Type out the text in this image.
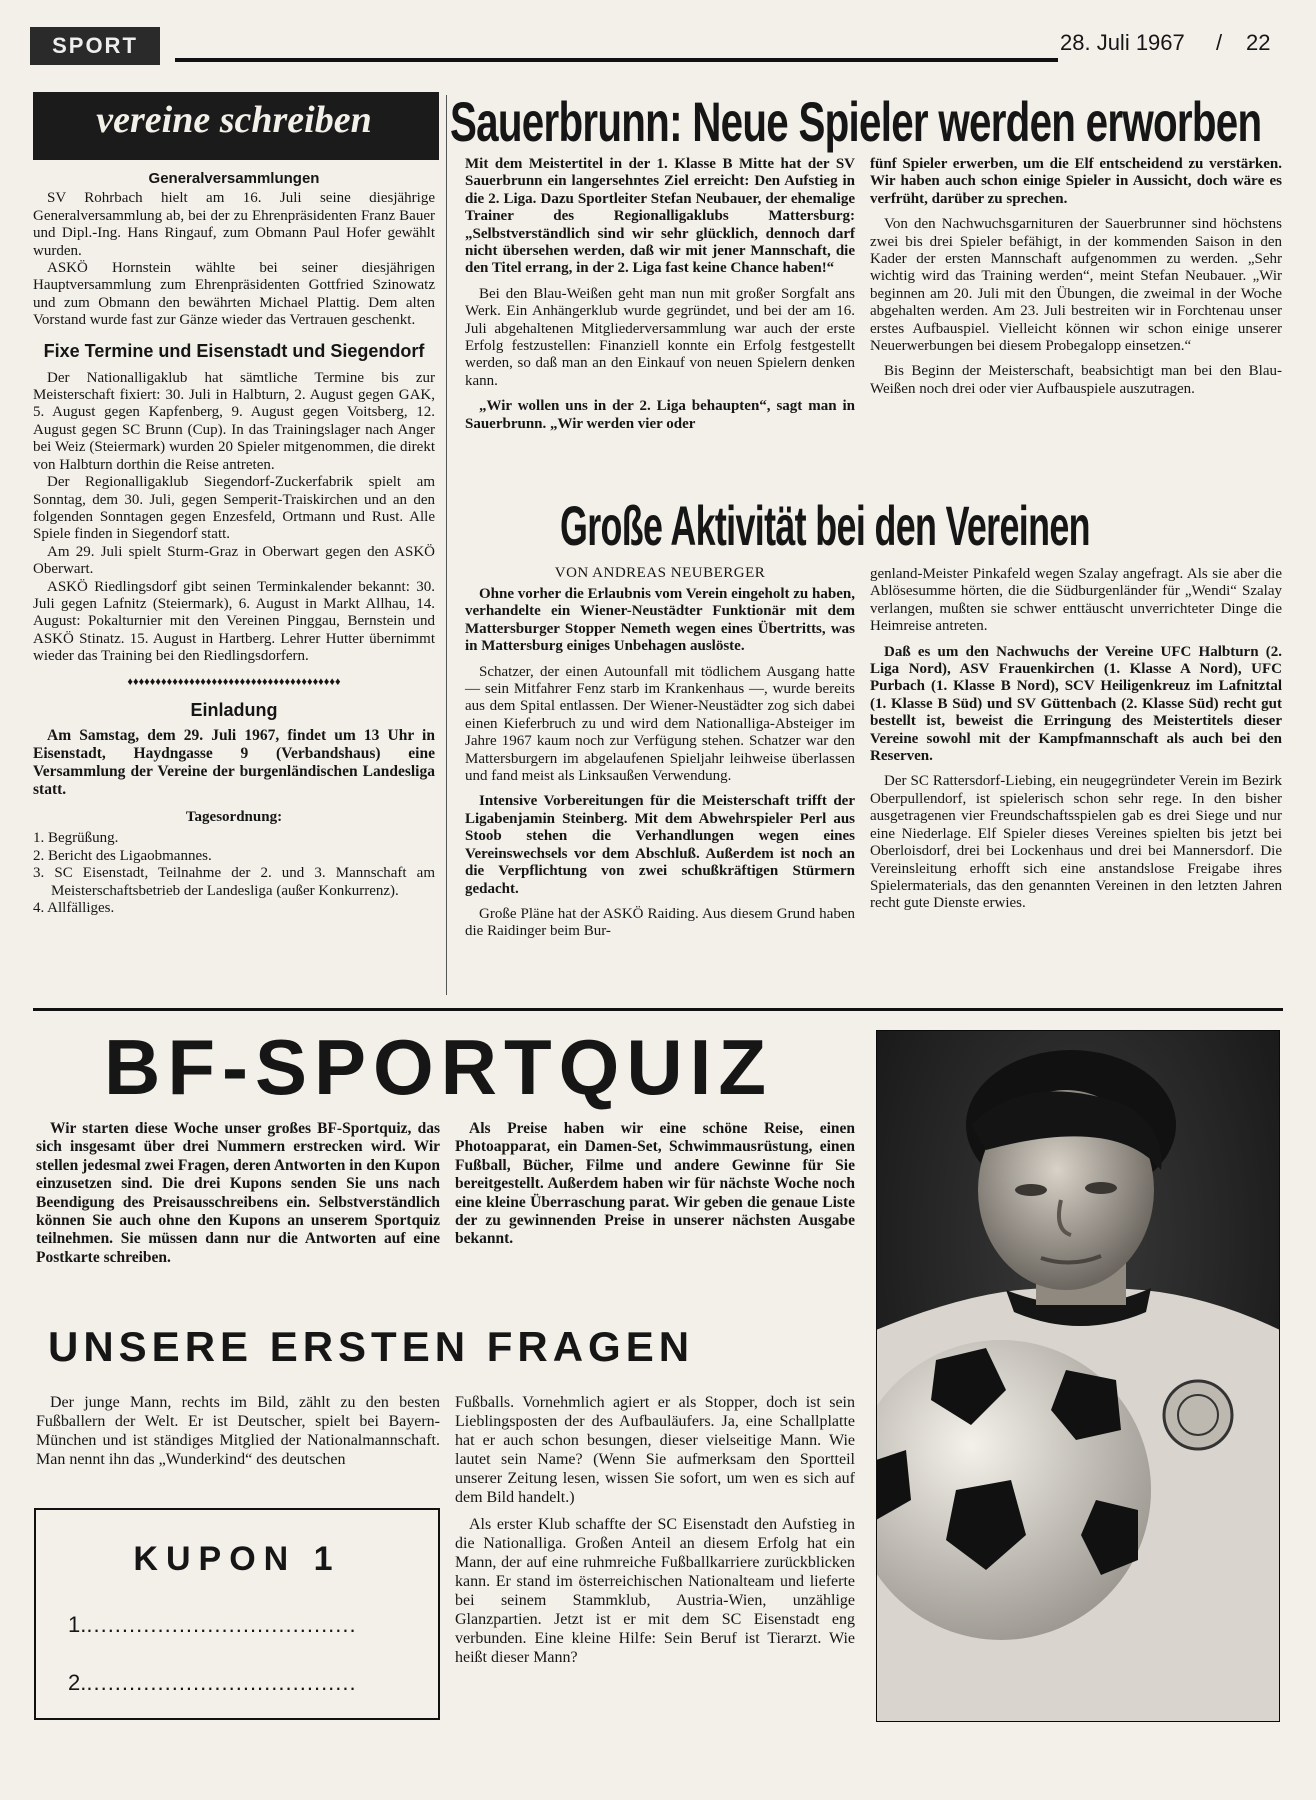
SPORT	28. Juli 1967 / 22
vereine schreiben
Generalversammlungen

SV Rohrbach hielt am 16. Juli seine diesjährige Generalversammlung ab, bei der zu Ehrenpräsidenten Franz Bauer und Dipl.-Ing. Hans Ringauf, zum Obmann Paul Hofer gewählt wurden.

ASKÖ Hornstein wählte bei seiner diesjährigen Hauptversammlung zum Ehrenpräsidenten Gottfried Szinowatz und zum Obmann den bewährten Michael Plattig. Dem alten Vorstand wurde fast zur Gänze wieder das Vertrauen geschenkt.

Fixe Termine und Eisenstadt und Siegendorf

Der Nationalligaklub hat sämtliche Termine bis zur Meisterschaft fixiert: 30. Juli in Halbturn, 2. August gegen GAK, 5. August gegen Kapfenberg, 9. August gegen Voitsberg, 12. August gegen SC Brunn (Cup). In das Trainingslager nach Anger bei Weiz (Steiermark) wurden 20 Spieler mitgenommen, die direkt von Halbturn dorthin die Reise antreten.

Der Regionalligaklub Siegendorf-Zuckerfabrik spielt am Sonntag, dem 30. Juli, gegen Semperit-Traiskirchen und an den folgenden Sonntagen gegen Enzesfeld, Ortmann und Rust. Alle Spiele finden in Siegendorf statt.

Am 29. Juli spielt Sturm-Graz in Oberwart gegen den ASKÖ Oberwart.

ASKÖ Riedlingsdorf gibt seinen Terminkalender bekannt: 30. Juli gegen Lafnitz (Steiermark), 6. August in Markt Allhau, 14. August: Pokalturnier mit den Vereinen Pinggau, Bernstein und ASKÖ Stinatz. 15. August in Hartberg. Lehrer Hutter übernimmt wieder das Training bei den Riedlingsdorfern.

♦♦♦♦♦♦♦♦♦♦♦♦♦♦♦♦♦♦♦♦♦♦♦♦♦♦♦♦♦♦♦♦♦♦♦♦♦♦
Einladung

Am Samstag, dem 29. Juli 1967, findet um 13 Uhr in Eisenstadt, Haydngasse 9 (Verbandshaus) eine Versammlung der Vereine der burgenländischen Landesliga statt.

Tagesordnung:
1. Begrüßung.
2. Bericht des Ligaobmannes.
3. SC Eisenstadt, Teilnahme der 2. und 3. Mannschaft am Meisterschaftsbetrieb der Landesliga (außer Konkurrenz).
4. Allfälliges.
Sauerbrunn: Neue Spieler werden erworben

Mit dem Meistertitel in der 1. Klasse B Mitte hat der SV Sauerbrunn ein langersehntes Ziel erreicht: Den Aufstieg in die 2. Liga. Dazu Sportleiter Stefan Neubauer, der ehemalige Trainer des Regionalligaklubs Mattersburg: „Selbstverständlich sind wir sehr glücklich, dennoch darf nicht übersehen werden, daß wir mit jener Mannschaft, die den Titel errang, in der 2. Liga fast keine Chance haben!“

Bei den Blau-Weißen geht man nun mit großer Sorgfalt ans Werk. Ein Anhängerklub wurde gegründet, und bei der am 16. Juli abgehaltenen Mitgliederversammlung war auch der erste Erfolg festzustellen: Finanziell konnte ein Erfolg festgestellt werden, so daß man an den Einkauf von neuen Spielern denken kann.

„Wir wollen uns in der 2. Liga behaupten“, sagt man in Sauerbrunn. „Wir werden vier oder

fünf Spieler erwerben, um die Elf entscheidend zu verstärken. Wir haben auch schon einige Spieler in Aussicht, doch wäre es verfrüht, darüber zu sprechen.

Von den Nachwuchsgarnituren der Sauerbrunner sind höchstens zwei bis drei Spieler befähigt, in der kommenden Saison in den Kader der ersten Mannschaft aufgenommen zu werden. „Sehr wichtig wird das Training werden“, meint Stefan Neubauer. „Wir beginnen am 20. Juli mit den Übungen, die zweimal in der Woche abgehalten werden. Am 23. Juli bestreiten wir in Forchtenau unser erstes Aufbauspiel. Vielleicht können wir schon einige unserer Neuerwerbungen bei diesem Probegalopp einsetzen.“

Bis Beginn der Meisterschaft, beabsichtigt man bei den Blau-Weißen noch drei oder vier Aufbauspiele auszutragen.

Große Aktivität bei den Vereinen
VON ANDREAS NEUBERGER

Ohne vorher die Erlaubnis vom Verein eingeholt zu haben, verhandelte ein Wiener-Neustädter Funktionär mit dem Mattersburger Stopper Nemeth wegen eines Übertritts, was in Mattersburg einiges Unbehagen auslöste.

Schatzer, der einen Autounfall mit tödlichem Ausgang hatte — sein Mitfahrer Fenz starb im Krankenhaus —, wurde bereits aus dem Spital entlassen. Der Wiener-Neustädter zog sich dabei einen Kieferbruch zu und wird dem Nationalliga-Absteiger im Jahre 1967 kaum noch zur Verfügung stehen. Schatzer war den Mattersburgern im abgelaufenen Spieljahr leihweise überlassen und fand meist als Linksaußen Verwendung.

Intensive Vorbereitungen für die Meisterschaft trifft der Ligabenjamin Steinberg. Mit dem Abwehrspieler Perl aus Stoob stehen die Verhandlungen wegen eines Vereinswechsels vor dem Abschluß. Außerdem ist noch an die Verpflichtung von zwei schußkräftigen Stürmern gedacht.

Große Pläne hat der ASKÖ Raiding. Aus diesem Grund haben die Raidinger beim Bur-

genland-Meister Pinkafeld wegen Szalay angefragt. Als sie aber die Ablösesumme hörten, die die Südburgenländer für „Wendi“ Szalay verlangen, mußten sie schwer enttäuscht unverrichteter Dinge die Heimreise antreten.

Daß es um den Nachwuchs der Vereine UFC Halbturn (2. Liga Nord), ASV Frauenkirchen (1. Klasse A Nord), UFC Purbach (1. Klasse B Nord), SCV Heiligenkreuz im Lafnitztal (1. Klasse B Süd) und SV Güttenbach (2. Klasse Süd) recht gut bestellt ist, beweist die Erringung des Meistertitels dieser Vereine sowohl mit der Kampfmannschaft als auch bei den Reserven.

Der SC Rattersdorf-Liebing, ein neugegründeter Verein im Bezirk Oberpullendorf, ist spielerisch schon sehr rege. In den bisher ausgetragenen vier Freundschaftsspielen gab es drei Siege und nur eine Niederlage. Elf Spieler dieses Vereines spielten bis jetzt bei Oberloisdorf, drei bei Lockenhaus und drei bei Mannersdorf. Die Vereinsleitung erhofft sich eine anstandslose Freigabe ihres Spielermaterials, das den genannten Vereinen in den letzten Jahren recht gute Dienste erwies.

BF-SPORTQUIZ

Wir starten diese Woche unser großes BF-Sportquiz, das sich insgesamt über drei Nummern erstrecken wird. Wir stellen jedesmal zwei Fragen, deren Antworten in den Kupon einzusetzen sind. Die drei Kupons senden Sie uns nach Beendigung des Preisausschreibens ein. Selbstverständlich können Sie auch ohne den Kupons an unserem Sportquiz teilnehmen. Sie müssen dann nur die Antworten auf eine Postkarte schreiben.

Als Preise haben wir eine schöne Reise, einen Photoapparat, ein Damen-Set, Schwimmausrüstung, einen Fußball, Bücher, Filme und andere Gewinne für Sie bereitgestellt. Außerdem haben wir für nächste Woche noch eine kleine Überraschung parat. Wir geben die genaue Liste der zu gewinnenden Preise in unserer nächsten Ausgabe bekannt.

UNSERE ERSTEN FRAGEN

Der junge Mann, rechts im Bild, zählt zu den besten Fußballern der Welt. Er ist Deutscher, spielt bei Bayern-München und ist ständiges Mitglied der Nationalmannschaft. Man nennt ihn das „Wunderkind“ des deutschen

KUPON 1
1.......................................
2.......................................

Fußballs. Vornehmlich agiert er als Stopper, doch ist sein Lieblingsposten der des Aufbauläufers. Ja, eine Schallplatte hat er auch schon besungen, dieser vielseitige Mann. Wie lautet sein Name? (Wenn Sie aufmerksam den Sportteil unserer Zeitung lesen, wissen Sie sofort, um wen es sich auf dem Bild handelt.)

Als erster Klub schaffte der SC Eisenstadt den Aufstieg in die Nationalliga. Großen Anteil an diesem Erfolg hat ein Mann, der auf eine ruhmreiche Fußballkarriere zurückblicken kann. Er stand im österreichischen Nationalteam und lieferte bei seinem Stammklub, Austria-Wien, unzählige Glanzpartien. Jetzt ist er mit dem SC Eisenstadt eng verbunden. Eine kleine Hilfe: Sein Beruf ist Tierarzt. Wie heißt dieser Mann?
